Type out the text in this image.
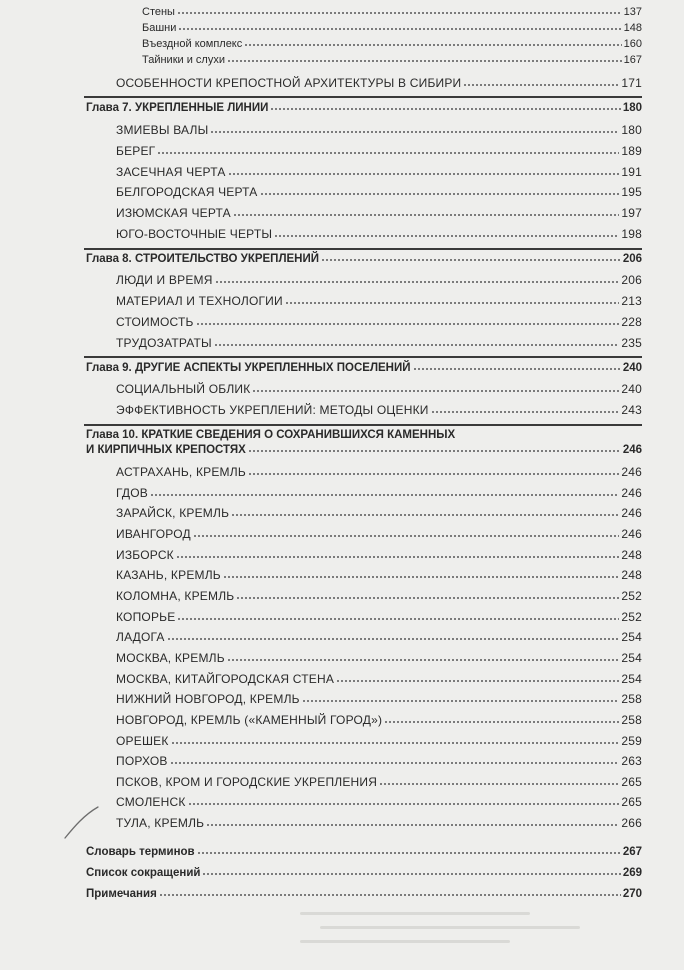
Стены	137
Башни	148
Въездной комплекс	160
Тайники и слухи	167
ОСОБЕННОСТИ КРЕПОСТНОЙ АРХИТЕКТУРЫ В СИБИРИ	171
Глава 7. УКРЕПЛЕННЫЕ ЛИНИИ	180
ЗМИЕВЫ ВАЛЫ	180
БЕРЕГ	189
ЗАСЕЧНАЯ ЧЕРТА	191
БЕЛГОРОДСКАЯ ЧЕРТА	195
ИЗЮМСКАЯ ЧЕРТА	197
ЮГО-ВОСТОЧНЫЕ ЧЕРТЫ	198
Глава 8. СТРОИТЕЛЬСТВО УКРЕПЛЕНИЙ	206
ЛЮДИ И ВРЕМЯ	206
МАТЕРИАЛ И ТЕХНОЛОГИИ	213
СТОИМОСТЬ	228
ТРУДОЗАТРАТЫ	235
Глава 9. ДРУГИЕ АСПЕКТЫ УКРЕПЛЕННЫХ ПОСЕЛЕНИЙ	240
СОЦИАЛЬНЫЙ ОБЛИК	240
ЭФФЕКТИВНОСТЬ УКРЕПЛЕНИЙ: МЕТОДЫ ОЦЕНКИ	243
Глава 10. КРАТКИЕ СВЕДЕНИЯ О СОХРАНИВШИХСЯ КАМЕННЫХ
И КИРПИЧНЫХ КРЕПОСТЯХ	246
АСТРАХАНЬ, КРЕМЛЬ	246
ГДОВ	246
ЗАРАЙСК, КРЕМЛЬ	246
ИВАНГОРОД	246
ИЗБОРСК	248
КАЗАНЬ, КРЕМЛЬ	248
КОЛОМНА, КРЕМЛЬ	252
КОПОРЬЕ	252
ЛАДОГА	254
МОСКВА, КРЕМЛЬ	254
МОСКВА, КИТАЙГОРОДСКАЯ СТЕНА	254
НИЖНИЙ НОВГОРОД, КРЕМЛЬ	258
НОВГОРОД, КРЕМЛЬ («КАМЕННЫЙ ГОРОД»)	258
ОРЕШЕК	259
ПОРХОВ	263
ПСКОВ, КРОМ И ГОРОДСКИЕ УКРЕПЛЕНИЯ	265
СМОЛЕНСК	265
ТУЛА, КРЕМЛЬ	266
Словарь терминов	267
Список сокращений	269
Примечания	270
